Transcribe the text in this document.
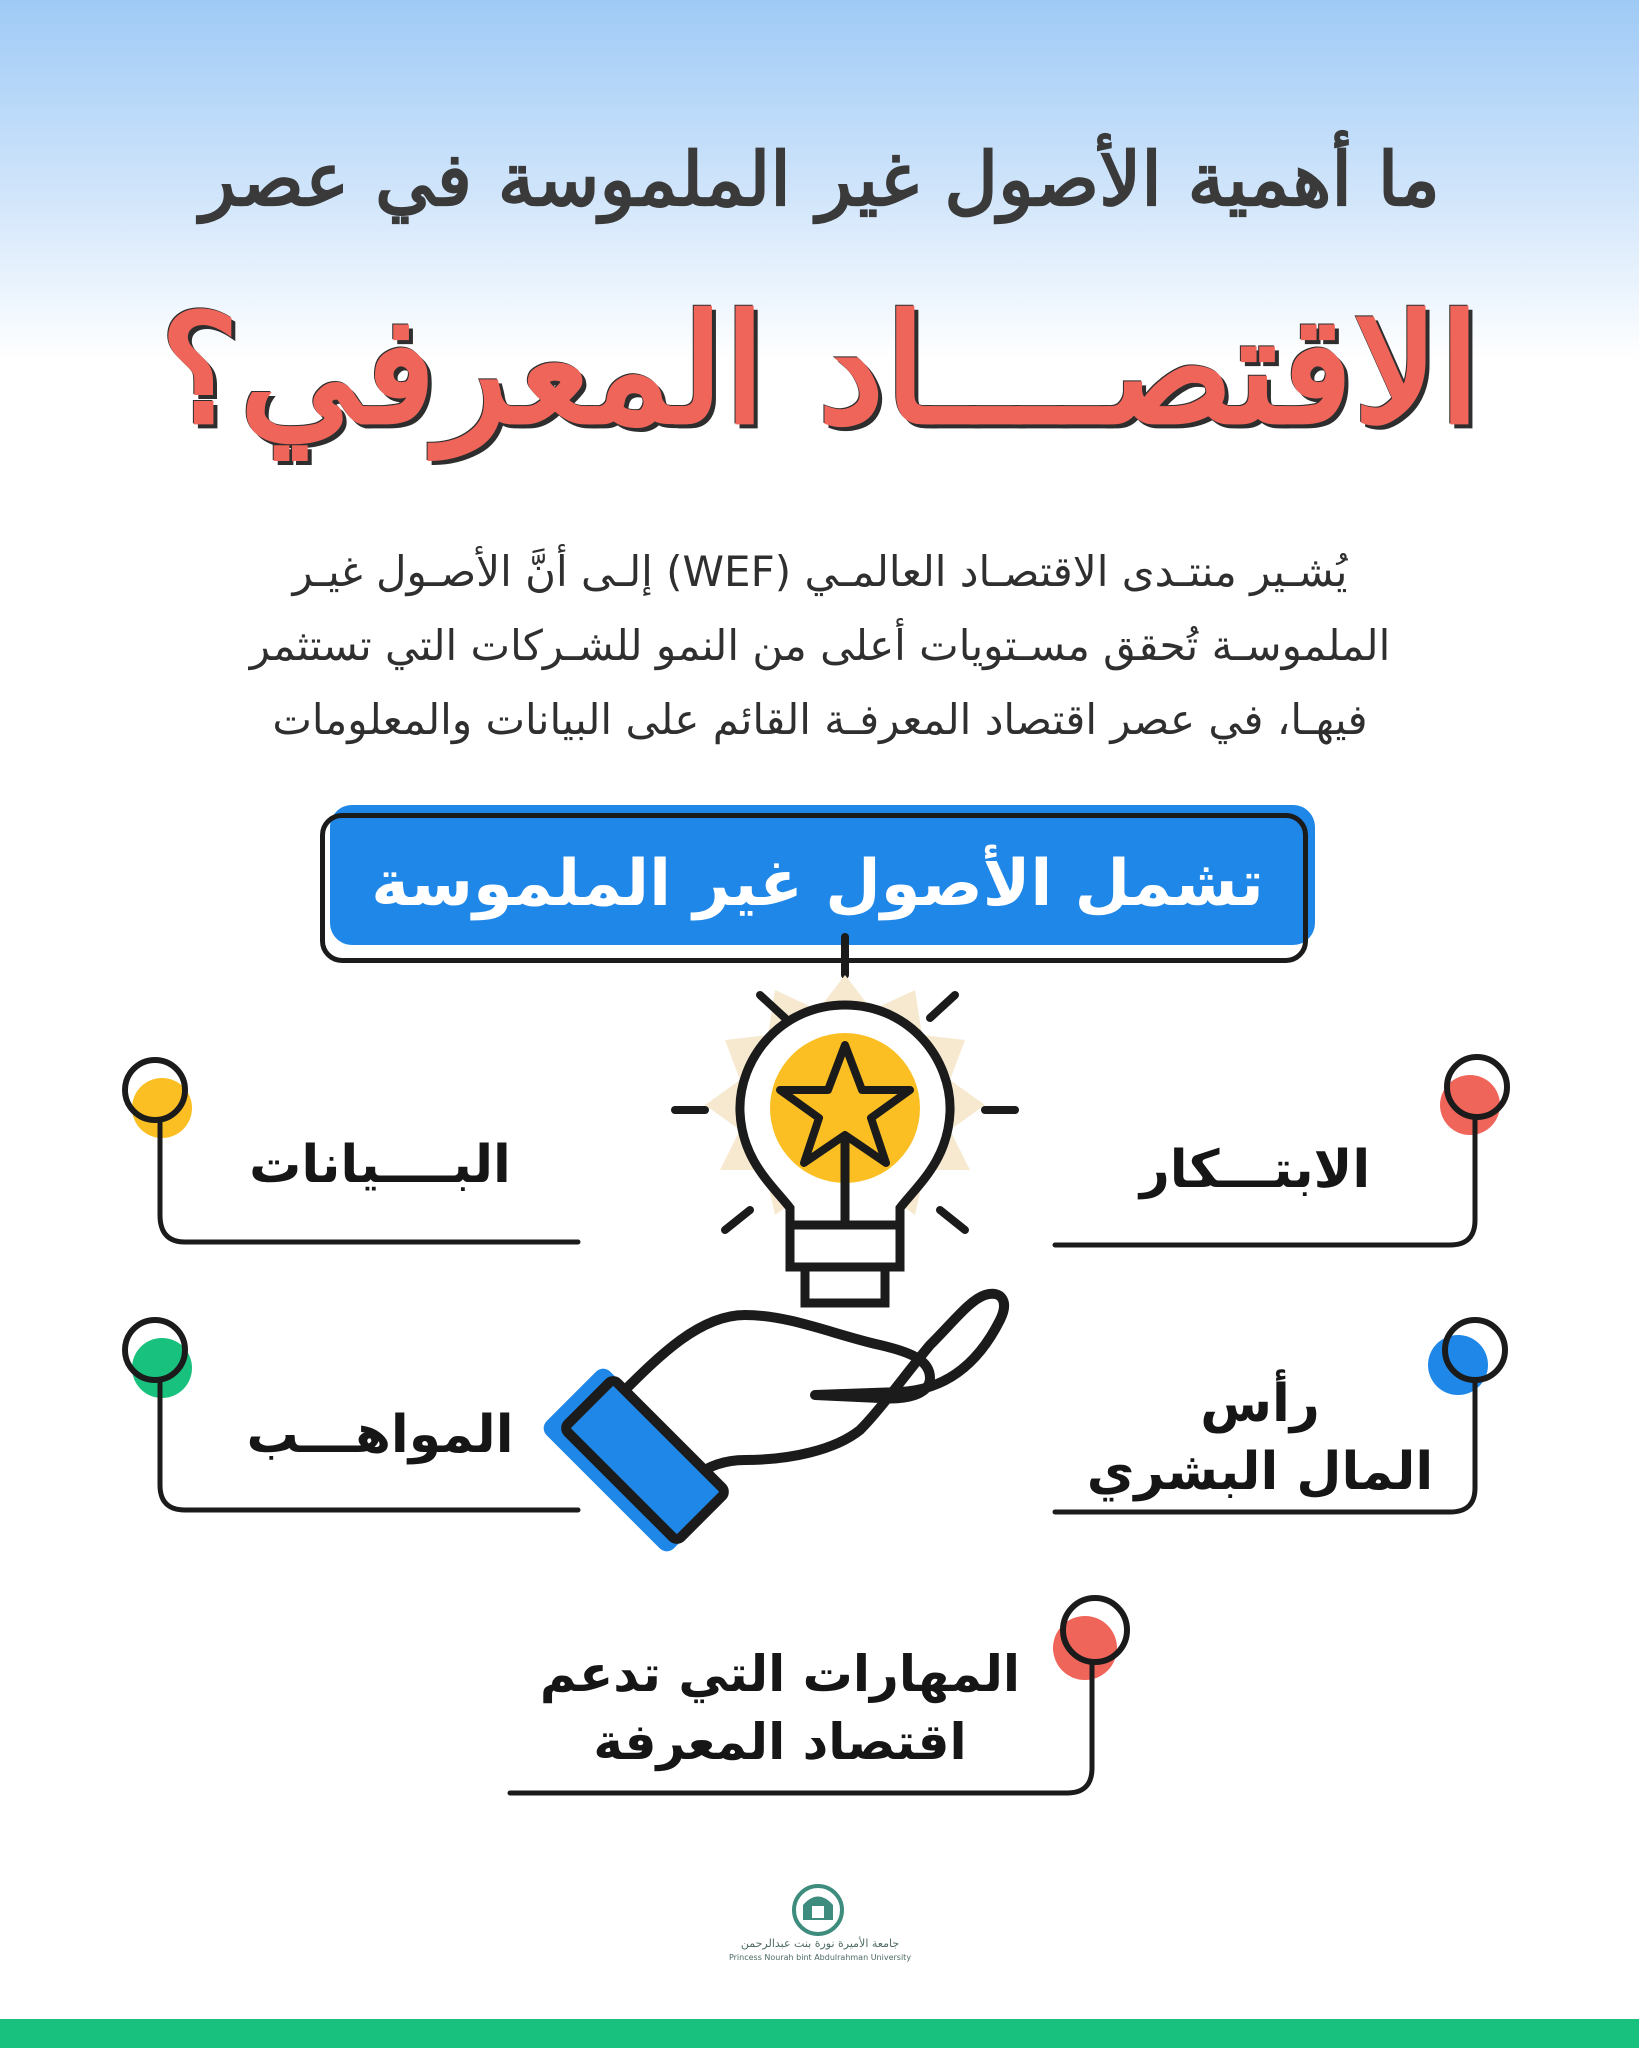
ما أهمية الأصول غير الملموسة في عصر
الاقتصــــاد المعرفي؟
يُشـير منتـدى الاقتصـاد العالمـي (WEF) إلـى أنَّ الأصـول غيـر
الملموسـة تُحقق مسـتويات أعلى من النمو للشـركات التي تستثمر
فيهـا، في عصر اقتصاد المعرفـة القائم على البيانات والمعلومات
تشمل الأصول غير الملموسة
الابتـــكار
البــــيانات
رأس
المال البشري
المواهـــب
المهارات التي تدعم
اقتصاد المعرفة
جامعة الأميرة نورة بنت عبدالرحمن
Princess Nourah bint Abdulrahman University
